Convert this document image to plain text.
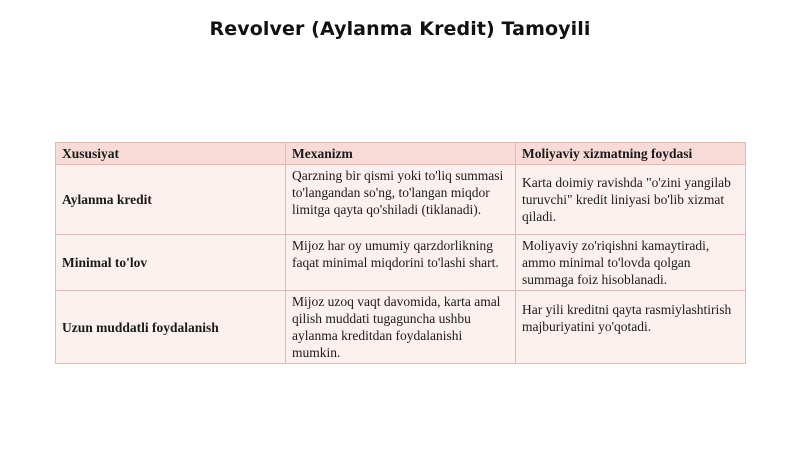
Revolver (Aylanma Kredit) Tamoyili
Xususiyat	Mexanizm	Moliyaviy xizmatning foydasi
Aylanma kredit	Qarzning bir qismi yoki to'liq summasi to'langandan so'ng, to'langan miqdor limitga qayta qo'shiladi (tiklanadi).	Karta doimiy ravishda "o'zini yangilab turuvchi" kredit liniyasi bo'lib xizmat qiladi.
Minimal to'lov	Mijoz har oy umumiy qarzdorlikning faqat minimal miqdorini to'lashi shart.	Moliyaviy zo'riqishni kamaytiradi, ammo minimal to'lovda qolgan summaga foiz hisoblanadi.
Uzun muddatli foydalanish	Mijoz uzoq vaqt davomida, karta amal qilish muddati tugaguncha ushbu aylanma kreditdan foydalanishi mumkin.	Har yili kreditni qayta rasmiylashtirish majburiyatini yo'qotadi.
